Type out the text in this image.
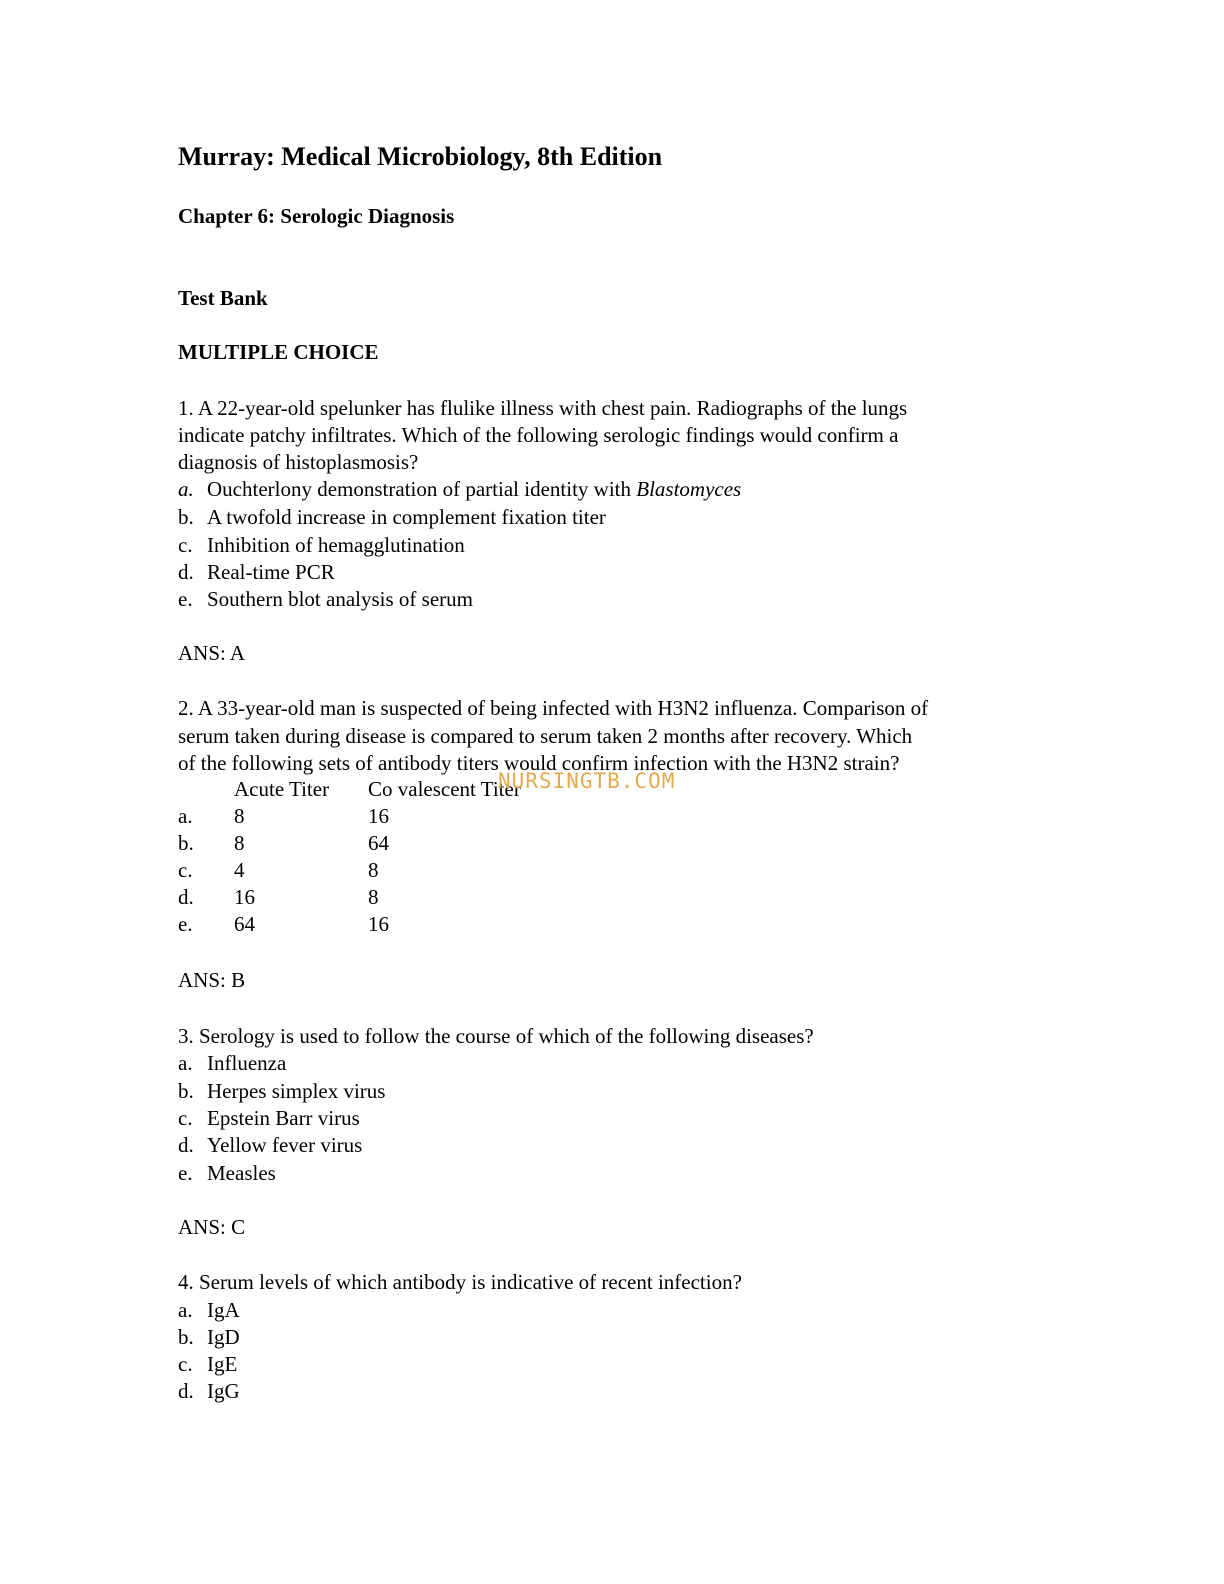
Murray: Medical Microbiology, 8th Edition
Chapter 6: Serologic Diagnosis
Test Bank
MULTIPLE CHOICE
1. A 22-year-old spelunker has flulike illness with chest pain. Radiographs of the lungs
indicate patchy infiltrates. Which of the following serologic findings would confirm a
diagnosis of histoplasmosis?
a. Ouchterlony demonstration of partial identity with Blastomyces
b. A twofold increase in complement fixation titer
c. Inhibition of hemagglutination
d. Real-time PCR
e. Southern blot analysis of serum
ANS: A
2. A 33-year-old man is suspected of being infected with H3N2 influenza. Comparison of
serum taken during disease is compared to serum taken 2 months after recovery. Which
of the following sets of antibody titers would confirm infection with the H3N2 strain?
Acute Titer Co valescent Titer
a. 8	16
b. 8	64
c. 4	8
d. 16	8
e. 64	16
ANS: B
3. Serology is used to follow the course of which of the following diseases?
a. Influenza
b. Herpes simplex virus
c. Epstein Barr virus
d. Yellow fever virus
e. Measles
ANS: C
4. Serum levels of which antibody is indicative of recent infection?
a. IgA
b. IgD
c. IgE
d. IgG
NURSINGTB.COM
